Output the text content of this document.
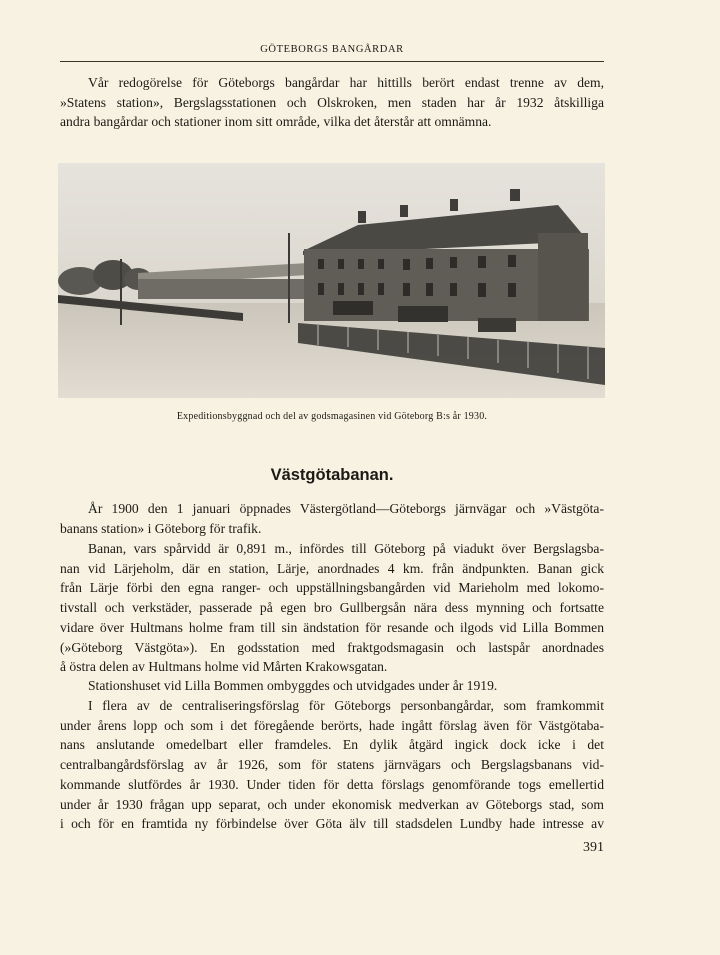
GÖTEBORGS BANGÅRDAR

Vår redogörelse för Göteborgs bangårdar har hittills berört endast trenne av dem,
»Statens station», Bergslagsstationen och Olskroken, men staden har år 1932 åtskilliga
andra bangårdar och stationer inom sitt område, vilka det återstår att omnämna.

Expeditionsbyggnad och del av godsmagasinen vid Göteborg B:s år 1930.
Västgötabanan.

År 1900 den 1 januari öppnades Västergötland—Göteborgs järnvägar och »Västgöta-
banans station» i Göteborg för trafik.

Banan, vars spårvidd är 0,891 m., infördes till Göteborg på viadukt över Bergslagsba-
nan vid Lärjeholm, där en station, Lärje, anordnades 4 km. från ändpunkten. Banan gick
från Lärje förbi den egna ranger- och uppställningsbangården vid Marieholm med lokomo-
tivstall och verkstäder, passerade på egen bro Gullbergsån nära dess mynning och fortsatte
vidare över Hultmans holme fram till sin ändstation för resande och ilgods vid Lilla Bommen
(»Göteborg Västgöta»). En godsstation med fraktgodsmagasin och lastspår anordnades
å östra delen av Hultmans holme vid Mårten Krakowsgatan.

Stationshuset vid Lilla Bommen ombyggdes och utvidgades under år 1919.

I flera av de centraliseringsförslag för Göteborgs personbangårdar, som framkommit
under årens lopp och som i det föregående berörts, hade ingått förslag även för Västgötaba-
nans anslutande omedelbart eller framdeles. En dylik åtgärd ingick dock icke i det
centralbangårdsförslag av år 1926, som för statens järnvägars och Bergslagsbanans vid-
kommande slutfördes år 1930. Under tiden för detta förslags genomförande togs emellertid
under år 1930 frågan upp separat, och under ekonomisk medverkan av Göteborgs stad, som
i och för en framtida ny förbindelse över Göta älv till stadsdelen Lundby hade intresse av

391
